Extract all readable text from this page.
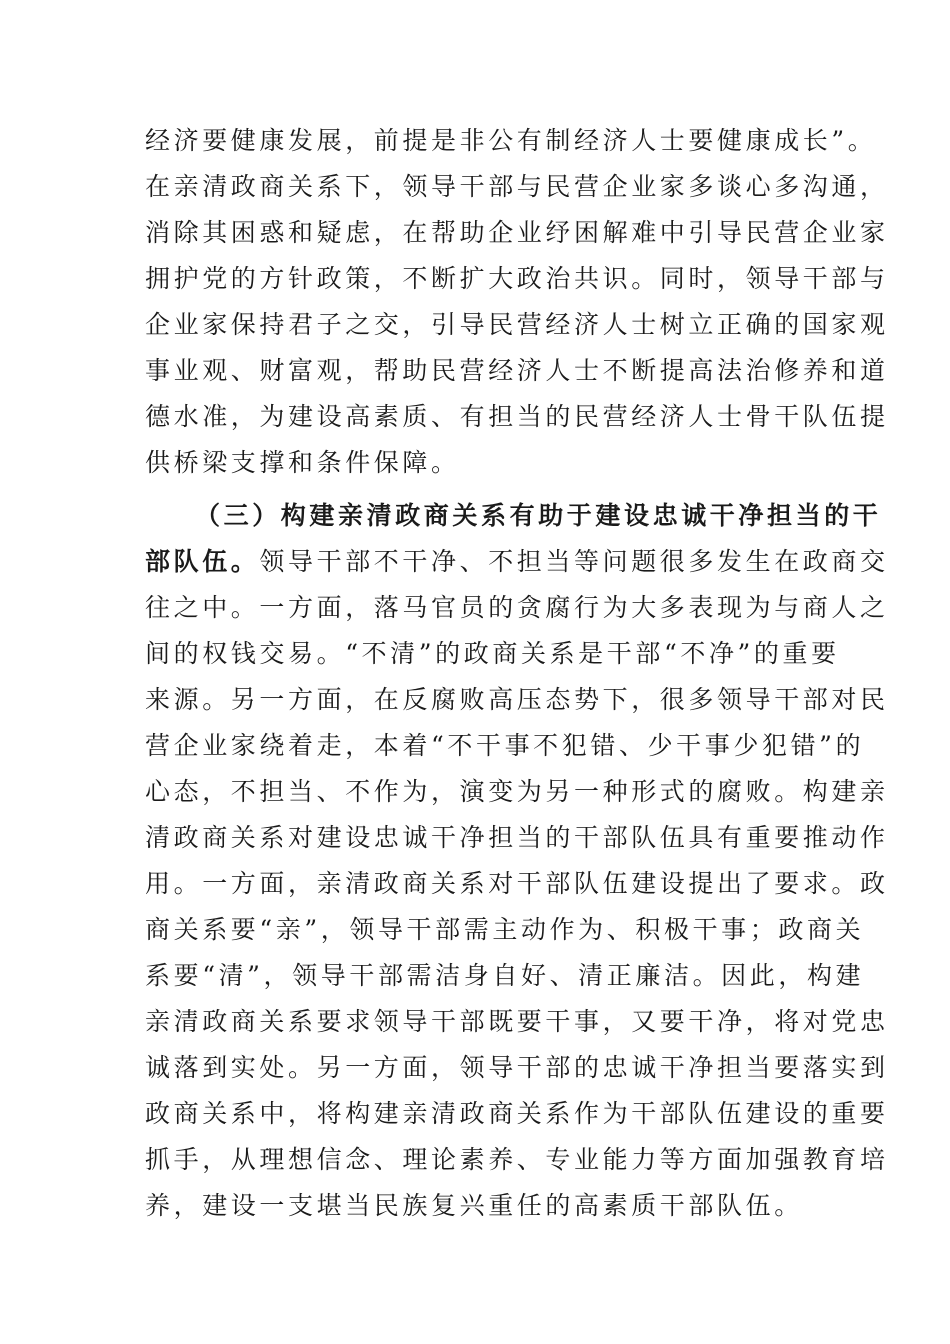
经济要健康发展，前提是非公有制经济人士要健康成长”。
在亲清政商关系下，领导干部与民营企业家多谈心多沟通，
消除其困惑和疑虑，在帮助企业纾困解难中引导民营企业家
拥护党的方针政策，不断扩大政治共识。同时，领导干部与
企业家保持君子之交，引导民营经济人士树立正确的国家观
事业观、财富观，帮助民营经济人士不断提高法治修养和道
德水准，为建设高素质、有担当的民营经济人士骨干队伍提
供桥梁支撑和条件保障。
（三）构建亲清政商关系有助于建设忠诚干净担当的干
部队伍。领导干部不干净、不担当等问题很多发生在政商交
往之中。一方面，落马官员的贪腐行为大多表现为与商人之
间的权钱交易。“不清”的政商关系是干部“不净”的重要
来源。另一方面，在反腐败高压态势下，很多领导干部对民
营企业家绕着走，本着“不干事不犯错、少干事少犯错”的
心态，不担当、不作为，演变为另一种形式的腐败。构建亲
清政商关系对建设忠诚干净担当的干部队伍具有重要推动作
用。一方面，亲清政商关系对干部队伍建设提出了要求。政
商关系要“亲”，领导干部需主动作为、积极干事；政商关
系要“清”，领导干部需洁身自好、清正廉洁。因此，构建
亲清政商关系要求领导干部既要干事，又要干净，将对党忠
诚落到实处。另一方面，领导干部的忠诚干净担当要落实到
政商关系中，将构建亲清政商关系作为干部队伍建设的重要
抓手，从理想信念、理论素养、专业能力等方面加强教育培
养，建设一支堪当民族复兴重任的高素质干部队伍。
